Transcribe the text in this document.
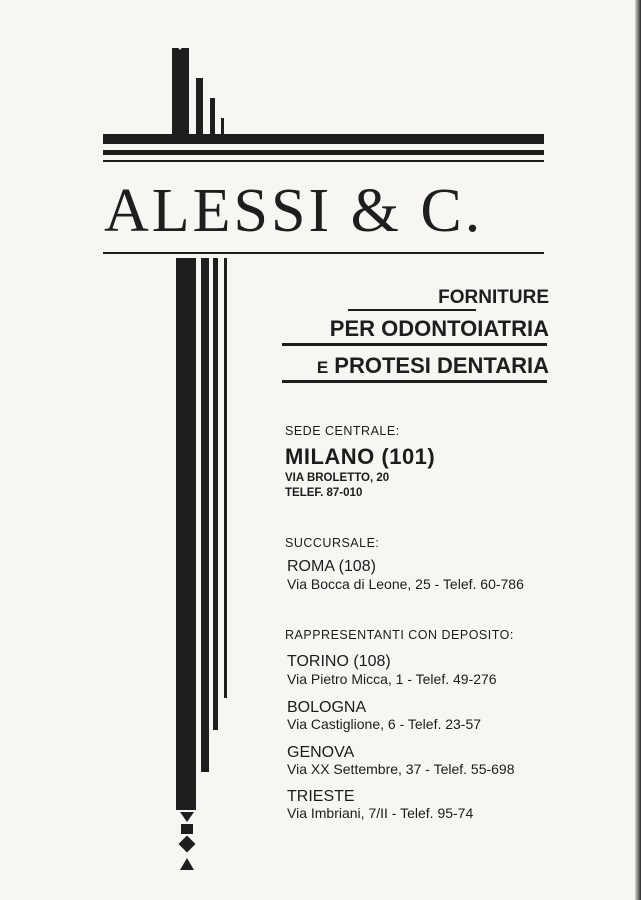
ALESSI & C.
FORNITURE
PER ODONTOIATRIA
E PROTESI DENTARIA
SEDE CENTRALE:
MILANO (101)
VIA BROLETTO, 20
TELEF. 87-010
SUCCURSALE:
ROMA (108)
Via Bocca di Leone, 25 - Telef. 60-786
RAPPRESENTANTI CON DEPOSITO:
TORINO (108)
Via Pietro Micca, 1 - Telef. 49-276
BOLOGNA
Via Castiglione, 6 - Telef. 23-57
GENOVA
Via XX Settembre, 37 - Telef. 55-698
TRIESTE
Via Imbriani, 7/II - Telef. 95-74
